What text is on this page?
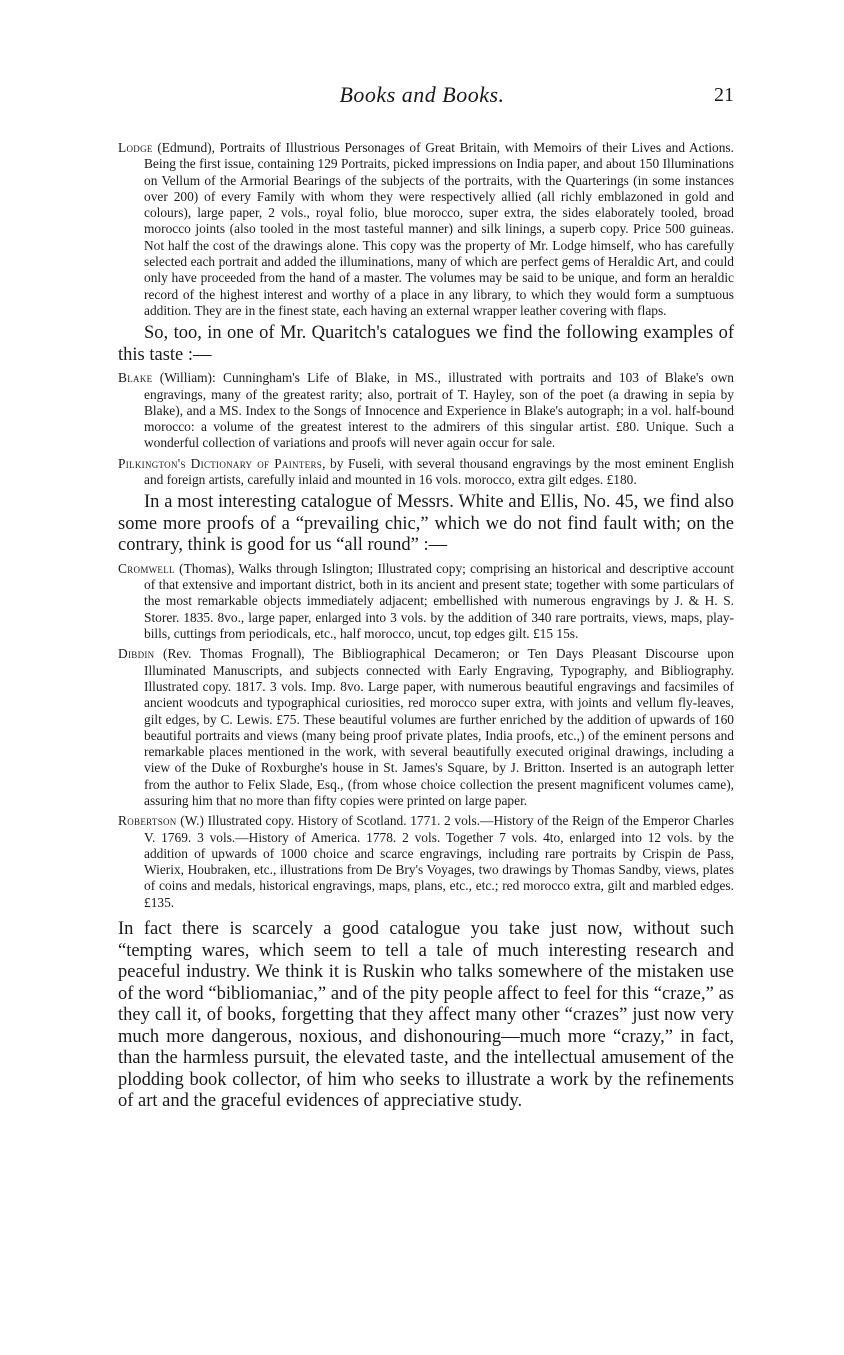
Books and Books.	21

Lodge (Edmund), Portraits of Illustrious Personages of Great Britain, with Memoirs of their Lives and Actions. Being the first issue, containing 129 Portraits, picked impressions on India paper, and about 150 Illuminations on Vellum of the Armorial Bearings of the subjects of the portraits, with the Quarterings (in some instances over 200) of every Family with whom they were respectively allied (all richly emblazoned in gold and colours), large paper, 2 vols., royal folio, blue morocco, super extra, the sides elaborately tooled, broad morocco joints (also tooled in the most tasteful manner) and silk linings, a superb copy. Price 500 guineas. Not half the cost of the drawings alone. This copy was the property of Mr. Lodge himself, who has carefully selected each portrait and added the illuminations, many of which are perfect gems of Heraldic Art, and could only have proceeded from the hand of a master. The volumes may be said to be unique, and form an heraldic record of the highest interest and worthy of a place in any library, to which they would form a sumptuous addition. They are in the finest state, each having an external wrapper leather covering with flaps.

So, too, in one of Mr. Quaritch's catalogues we find the following examples of this taste :—

Blake (William): Cunningham's Life of Blake, in MS., illustrated with portraits and 103 of Blake's own engravings, many of the greatest rarity; also, portrait of T. Hayley, son of the poet (a drawing in sepia by Blake), and a MS. Index to the Songs of Innocence and Experience in Blake's autograph; in a vol. half-bound morocco: a volume of the greatest interest to the admirers of this singular artist. £80. Unique. Such a wonderful collection of variations and proofs will never again occur for sale.

Pilkington's Dictionary of Painters, by Fuseli, with several thousand engravings by the most eminent English and foreign artists, carefully inlaid and mounted in 16 vols. morocco, extra gilt edges. £180.

In a most interesting catalogue of Messrs. White and Ellis, No. 45, we find also some more proofs of a “prevailing chic,” which we do not find fault with; on the contrary, think is good for us “all round” :—

Cromwell (Thomas), Walks through Islington; Illustrated copy; comprising an historical and descriptive account of that extensive and important district, both in its ancient and present state; together with some particulars of the most remarkable objects immediately adjacent; embellished with numerous engravings by J. & H. S. Storer. 1835. 8vo., large paper, enlarged into 3 vols. by the addition of 340 rare portraits, views, maps, play-bills, cuttings from periodicals, etc., half morocco, uncut, top edges gilt. £15 15s.

Dibdin (Rev. Thomas Frognall), The Bibliographical Decameron; or Ten Days Pleasant Discourse upon Illuminated Manuscripts, and subjects connected with Early Engraving, Typography, and Bibliography. Illustrated copy. 1817. 3 vols. Imp. 8vo. Large paper, with numerous beautiful engravings and facsimiles of ancient woodcuts and typographical curiosities, red morocco super extra, with joints and vellum fly-leaves, gilt edges, by C. Lewis. £75. These beautiful volumes are further enriched by the addition of upwards of 160 beautiful portraits and views (many being proof private plates, India proofs, etc.,) of the eminent persons and remarkable places mentioned in the work, with several beautifully executed original drawings, including a view of the Duke of Roxburghe's house in St. James's Square, by J. Britton. Inserted is an autograph letter from the author to Felix Slade, Esq., (from whose choice collection the present magnificent volumes came), assuring him that no more than fifty copies were printed on large paper.

Robertson (W.) Illustrated copy. History of Scotland. 1771. 2 vols.—History of the Reign of the Emperor Charles V. 1769. 3 vols.—History of America. 1778. 2 vols. Together 7 vols. 4to, enlarged into 12 vols. by the addition of upwards of 1000 choice and scarce engravings, including rare portraits by Crispin de Pass, Wierix, Houbraken, etc., illustrations from De Bry's Voyages, two drawings by Thomas Sandby, views, plates of coins and medals, historical engravings, maps, plans, etc., etc.; red morocco extra, gilt and marbled edges. £135.

In fact there is scarcely a good catalogue you take just now, without such “tempting wares, which seem to tell a tale of much interesting research and peaceful industry. We think it is Ruskin who talks somewhere of the mistaken use of the word “bibliomaniac,” and of the pity people affect to feel for this “craze,” as they call it, of books, forgetting that they affect many other “crazes” just now very much more dangerous, noxious, and dishonouring—much more “crazy,” in fact, than the harmless pursuit, the elevated taste, and the intellectual amusement of the plodding book collector, of him who seeks to illustrate a work by the refinements of art and the graceful evidences of appreciative study.
